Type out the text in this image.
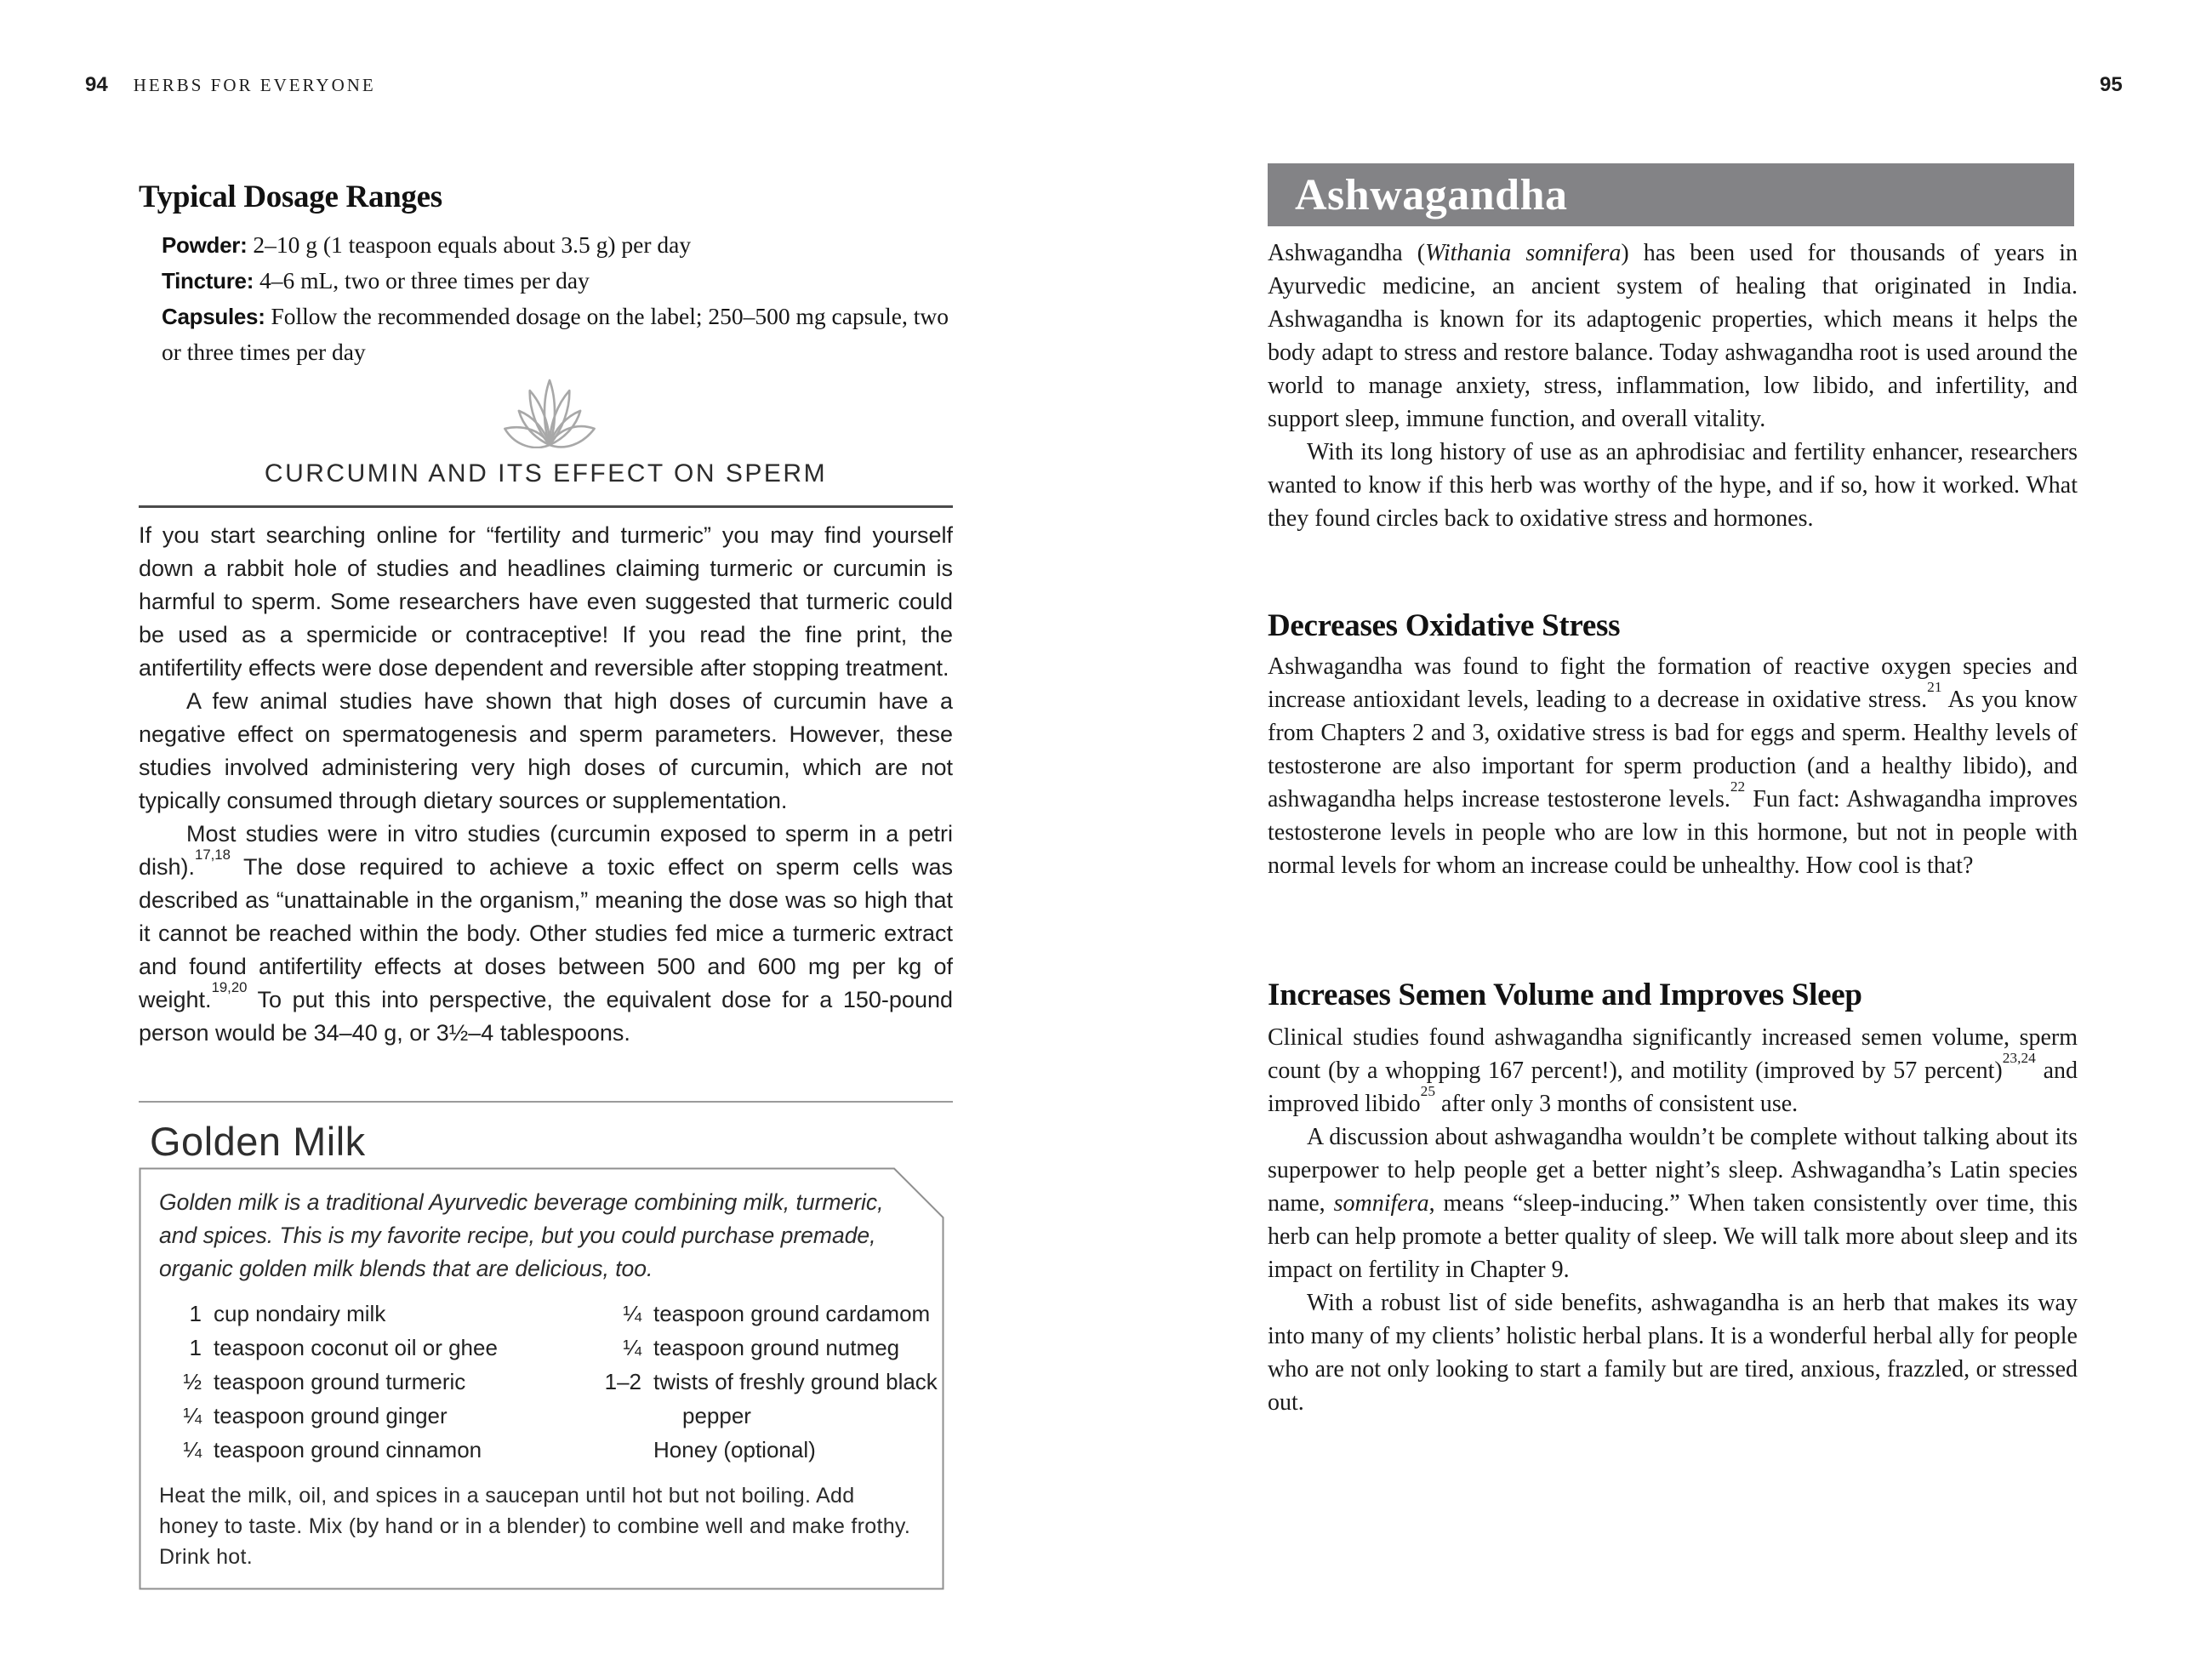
94 HERBS FOR EVERYONE
Typical Dosage Ranges
Powder: 2–10 g (1 teaspoon equals about 3.5 g) per day
Tincture: 4–6 mL, two or three times per day
Capsules: Follow the recommended dosage on the label; 250–500 mg capsule, two or three times per day
CURCUMIN AND ITS EFFECT ON SPERM

If you start searching online for “fertility and turmeric” you may find yourself down a rabbit hole of studies and headlines claiming turmeric or curcumin is harmful to sperm. Some researchers have even suggested that turmeric could be used as a spermicide or contraceptive! If you read the fine print, the antifertility effects were dose dependent and reversible after stopping treatment.

A few animal studies have shown that high doses of curcumin have a negative effect on spermatogenesis and sperm parameters. However, these studies involved administering very high doses of curcumin, which are not typically consumed through dietary sources or supplementation.

Most studies were in vitro studies (curcumin exposed to sperm in a petri dish).$^{17,18}$ The dose required to achieve a toxic effect on sperm cells was described as “unattainable in the organism,” meaning the dose was so high that it cannot be reached within the body. Other studies fed mice a turmeric extract and found antifertility effects at doses between 500 and 600 mg per kg of weight.$^{19,20}$ To put this into perspective, the equivalent dose for a 150-pound person would be 34–40 g, or 3½–4 tablespoons.

Golden Milk
Golden milk is a traditional Ayurvedic beverage combining milk, turmeric, and spices. This is my favorite recipe, but you could purchase premade, organic golden milk blends that are delicious, too.
1 cup nondairy milk
1 teaspoon coconut oil or ghee
½ teaspoon ground turmeric
¼ teaspoon ground ginger
¼ teaspoon ground cinnamon
¼ teaspoon ground cardamom
¼ teaspoon ground nutmeg
1–2 twists of freshly ground black pepper
Honey (optional)
Heat the milk, oil, and spices in a saucepan until hot but not boiling. Add honey to taste. Mix (by hand or in a blender) to combine well and make frothy. Drink hot.
95
Ashwagandha

Ashwagandha (Withania somnifera) has been used for thousands of years in Ayurvedic medicine, an ancient system of healing that originated in India. Ashwagandha is known for its adaptogenic properties, which means it helps the body adapt to stress and restore balance. Today ashwagandha root is used around the world to manage anxiety, stress, inflammation, low libido, and infertility, and support sleep, immune function, and overall vitality.

With its long history of use as an aphrodisiac and fertility enhancer, researchers wanted to know if this herb was worthy of the hype, and if so, how it worked. What they found circles back to oxidative stress and hormones.

Decreases Oxidative Stress

Ashwagandha was found to fight the formation of reactive oxygen species and increase antioxidant levels, leading to a decrease in oxidative stress.$^{21}$ As you know from Chapters 2 and 3, oxidative stress is bad for eggs and sperm. Healthy levels of testosterone are also important for sperm production (and a healthy libido), and ashwagandha helps increase testosterone levels.$^{22}$ Fun fact: Ashwagandha improves testosterone levels in people who are low in this hormone, but not in people with normal levels for whom an increase could be unhealthy. How cool is that?

Increases Semen Volume and Improves Sleep

Clinical studies found ashwagandha significantly increased semen volume, sperm count (by a whopping 167 percent!), and motility (improved by 57 percent)$^{23,24}$ and improved libido$^{25}$ after only 3 months of consistent use.

A discussion about ashwagandha wouldn’t be complete without talking about its superpower to help people get a better night’s sleep. Ashwagandha’s Latin species name, somnifera, means “sleep-inducing.” When taken consistently over time, this herb can help promote a better quality of sleep. We will talk more about sleep and its impact on fertility in Chapter 9.

With a robust list of side benefits, ashwagandha is an herb that makes its way into many of my clients’ holistic herbal plans. It is a wonderful herbal ally for people who are not only looking to start a family but are tired, anxious, frazzled, or stressed out.
